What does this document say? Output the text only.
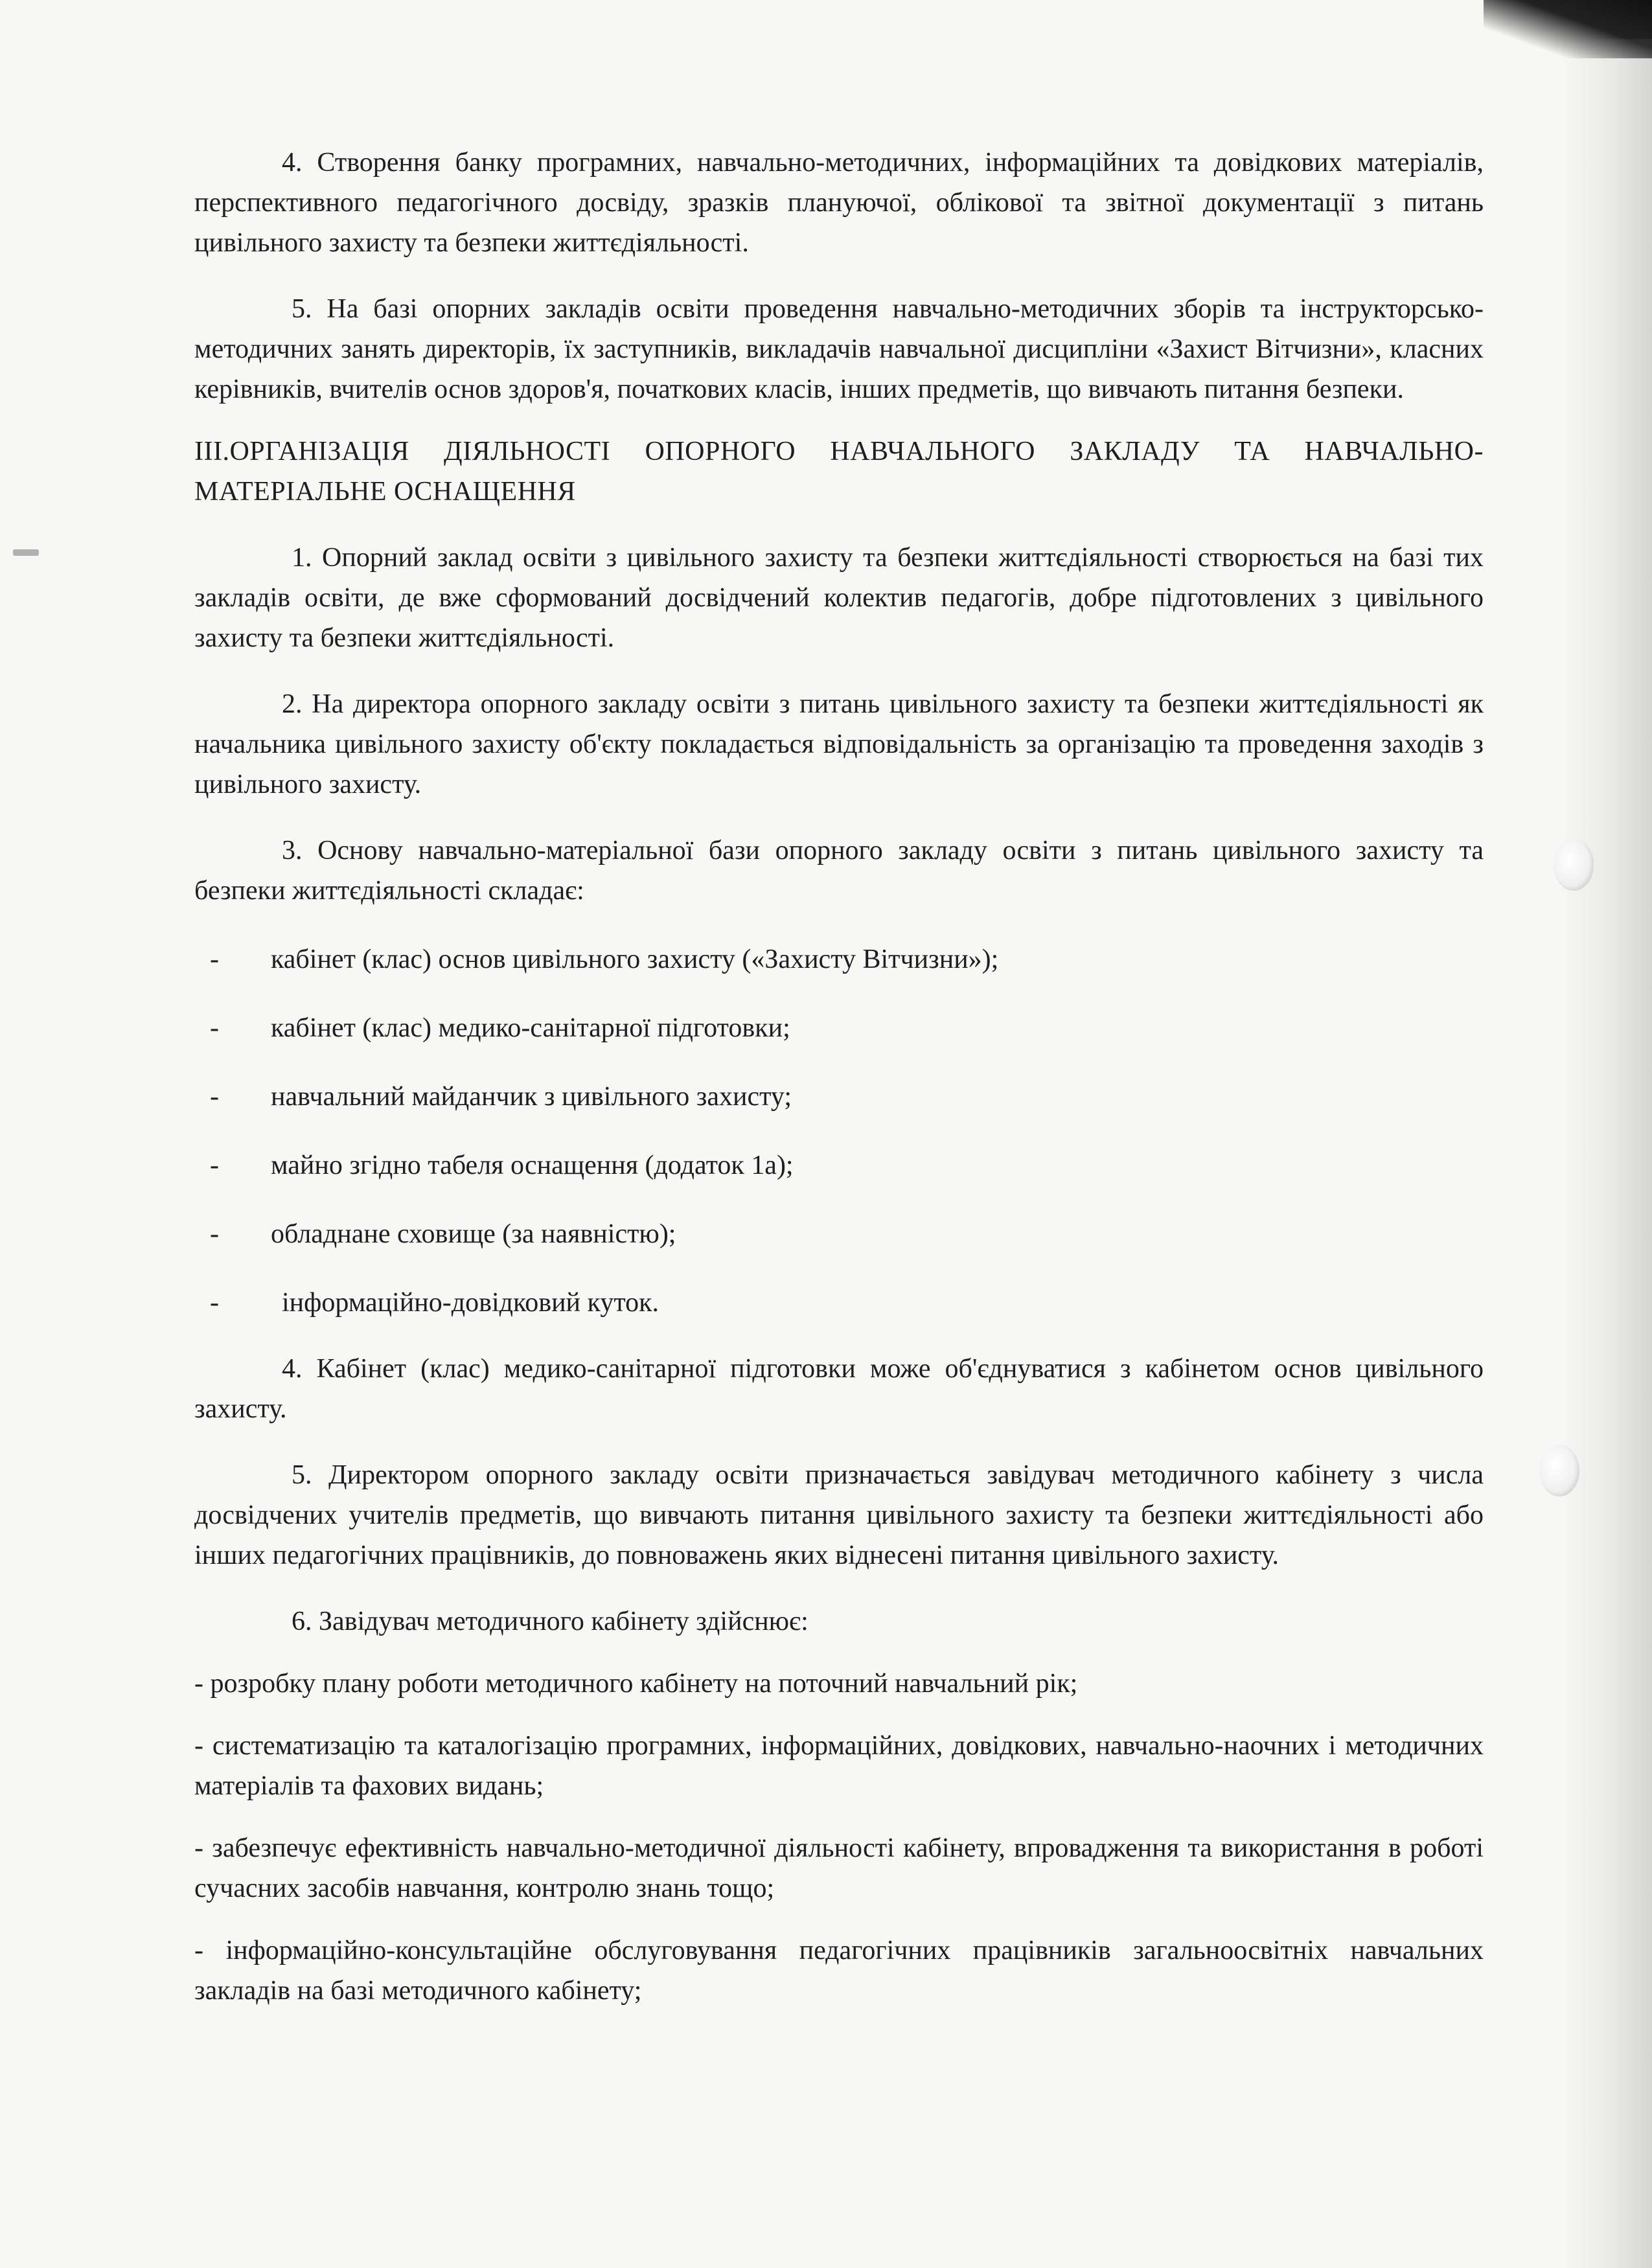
4. Створення банку програмних, навчально-методичних, інформаційних та довідкових матеріалів, перспективного педагогічного досвіду, зразків плануючої, облікової та звітної документації з питань цивільного захисту та безпеки життєдіяльності.

5. На базі опорних закладів освіти проведення навчально-методичних зборів та інструкторсько-методичних занять директорів, їх заступників, викладачів навчальної дисципліни «Захист Вітчизни», класних керівників, вчителів основ здоров'я, початкових класів, інших предметів, що вивчають питання безпеки.

III.ОРГАНІЗАЦІЯ ДІЯЛЬНОСТІ ОПОРНОГО НАВЧАЛЬНОГО ЗАКЛАДУ ТА НАВЧАЛЬНО-МАТЕРІАЛЬНЕ ОСНАЩЕННЯ

1. Опорний заклад освіти з цивільного захисту та безпеки життєдіяльності створюється на базі тих закладів освіти, де вже сформований досвідчений колектив педагогів, добре підготовлених з цивільного захисту та безпеки життєдіяльності.

2. На директора опорного закладу освіти з питань цивільного захисту та безпеки життєдіяльності як начальника цивільного захисту об'єкту покладається відповідальність за організацію та проведення заходів з цивільного захисту.

3. Основу навчально-матеріальної бази опорного закладу освіти з питань цивільного захисту та безпеки життєдіяльності складає:

- кабінет (клас) основ цивільного захисту («Захисту Вітчизни»);
- кабінет (клас) медико-санітарної підготовки;
- навчальний майданчик з цивільного захисту;
- майно згідно табеля оснащення (додаток 1а);
- обладнане сховище (за наявністю);
- інформаційно-довідковий куток.

4. Кабінет (клас) медико-санітарної підготовки може об'єднуватися з кабінетом основ цивільного захисту.

5. Директором опорного закладу освіти призначається завідувач методичного кабінету з числа досвідчених учителів предметів, що вивчають питання цивільного захисту та безпеки життєдіяльності або інших педагогічних працівників, до повноважень яких віднесені питання цивільного захисту.

6. Завідувач методичного кабінету здійснює:

- розробку плану роботи методичного кабінету на поточний навчальний рік;

- систематизацію та каталогізацію програмних, інформаційних, довідкових, навчально-наочних і методичних матеріалів та фахових видань;

- забезпечує ефективність навчально-методичної діяльності кабінету, впровадження та використання в роботі сучасних засобів навчання, контролю знань тощо;

- інформаційно-консультаційне обслуговування педагогічних працівників загальноосвітніх навчальних закладів на базі методичного кабінету;
